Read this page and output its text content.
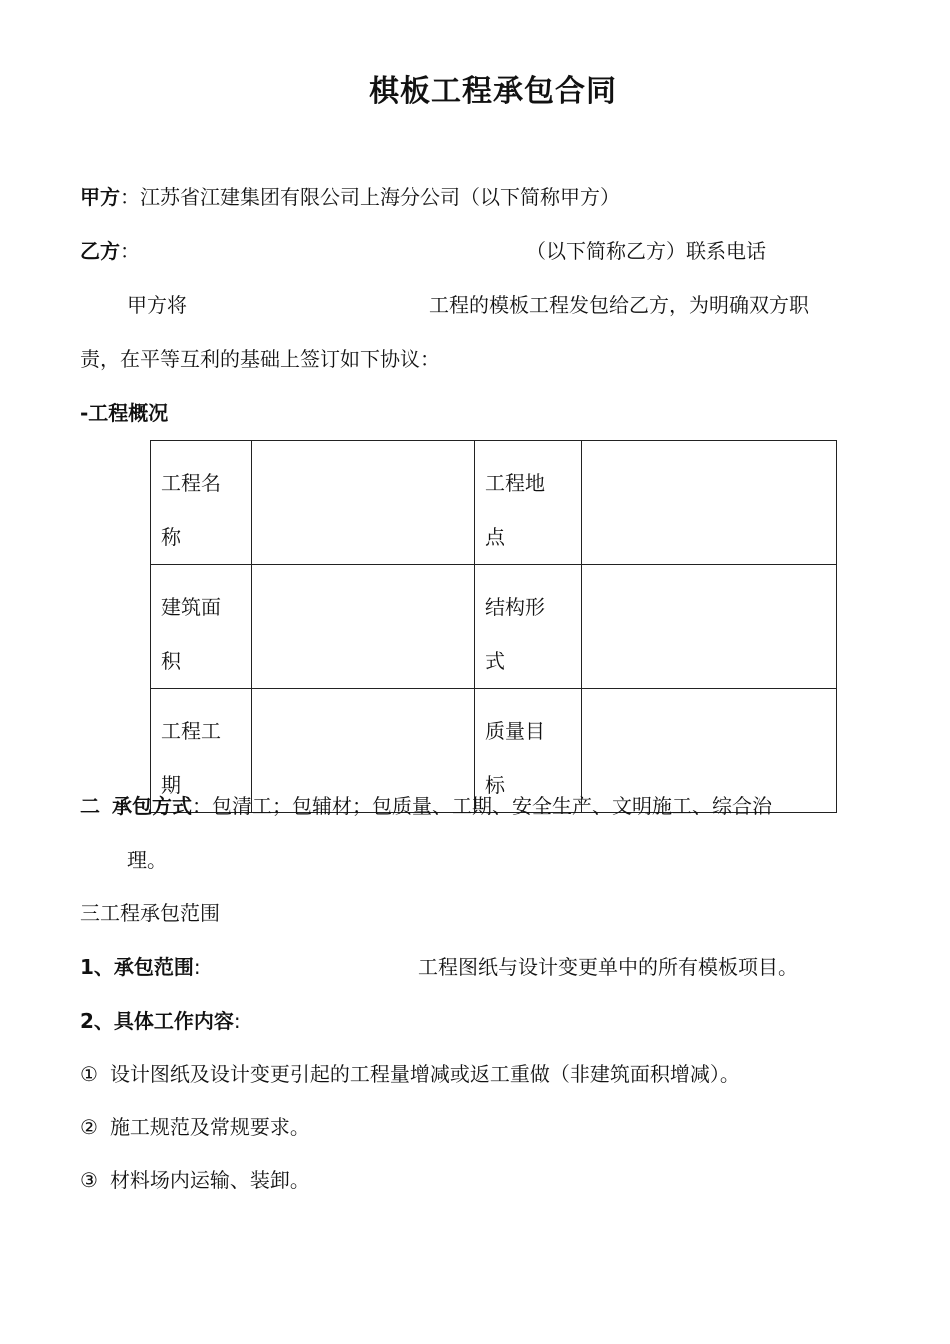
棋板工程承包合同
甲方：江苏省江建集团有限公司上海分公司（以下简称甲方）
乙方：	（以下简称乙方）联系电话
甲方将	工程的模板工程发包给乙方，为明确双方职
责，在平等互利的基础上签订如下协议：
-工程概况
工程名称		工程地点	

建筑面积		结构形式	

工程工期		质量目标	

二 承包方式：包清工；包辅材；包质量、工期、安全生产、文明施工、综合治
理。
三工程承包范围
1、承包范围:	工程图纸与设计变更单中的所有模板项目。
2、具体工作内容:
① 设计图纸及设计变更引起的工程量增减或返工重做（非建筑面积增减）。
② 施工规范及常规要求。
③ 材料场内运输、装卸。
